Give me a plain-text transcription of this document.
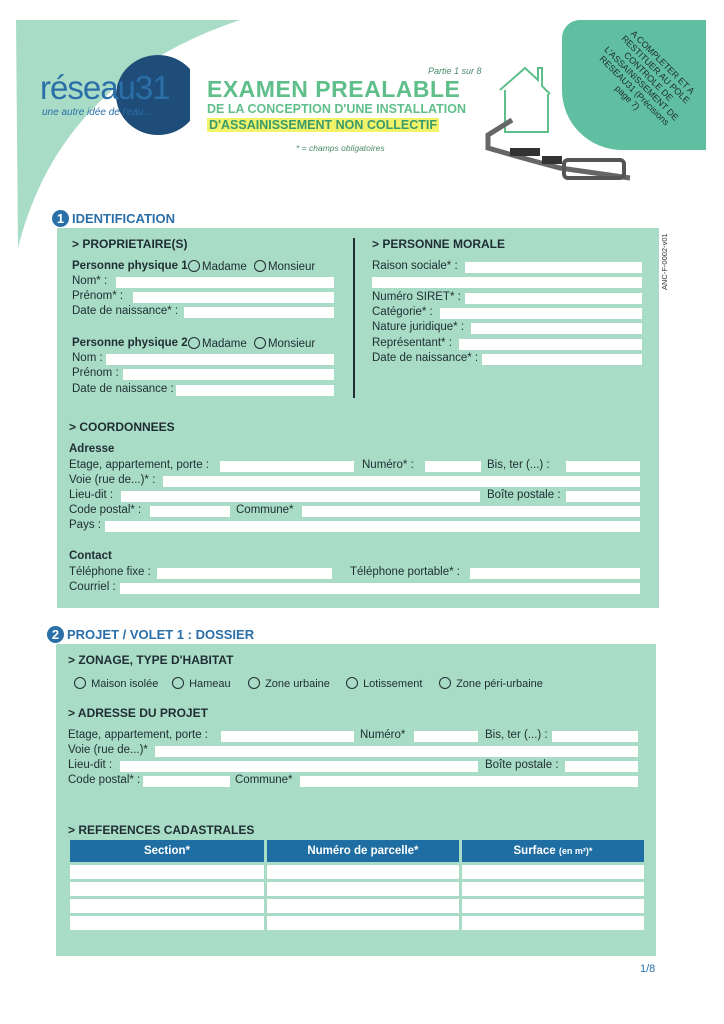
réseau31
une autre idée de l'eau...
Partie 1 sur 8
EXAMEN PREALABLE
DE LA CONCEPTION D'UNE INSTALLATION
D'ASSAINISSEMENT NON COLLECTIF
* = champs obligatoires
A COMPLETER ET A RESTITUER AU POLE CONTROLE DE L'ASSAINISSEMENT DE RESEAU31 (Précisions page 7)
ANC-F-0002-v01
1 IDENTIFICATION
> PROPRIETAIRE(S)
Personne physique 1	Madame Monsieur
Nom* :
Prénom* :
Date de naissance* :
Personne physique 2	Madame Monsieur
Nom :
Prénom :
Date de naissance :
> PERSONNE MORALE
Raison sociale* :
Numéro SIRET* :
Catégorie* :
Nature juridique* :
Représentant* :
Date de naissance* :
> COORDONNEES
Adresse
Etage, appartement, porte :	Numéro* :	Bis, ter (...) :
Voie (rue de...)* :
Lieu-dit :	Boîte postale :
Code postal* :	Commune*
Pays :
Contact
Téléphone fixe :	Téléphone portable* :
Courriel :
2 PROJET / VOLET 1 : DOSSIER
> ZONAGE, TYPE D'HABITAT
Maison isolée	Hameau	Zone urbaine	Lotissement	Zone péri-urbaine
> ADRESSE DU PROJET
Etage, appartement, porte :	Numéro*	Bis, ter (...) :
Voie (rue de...)*
Lieu-dit :	Boîte postale :
Code postal* :	Commune*
> REFERENCES CADASTRALES
Section*	Numéro de parcelle*	Surface (en m²)*

1/8
